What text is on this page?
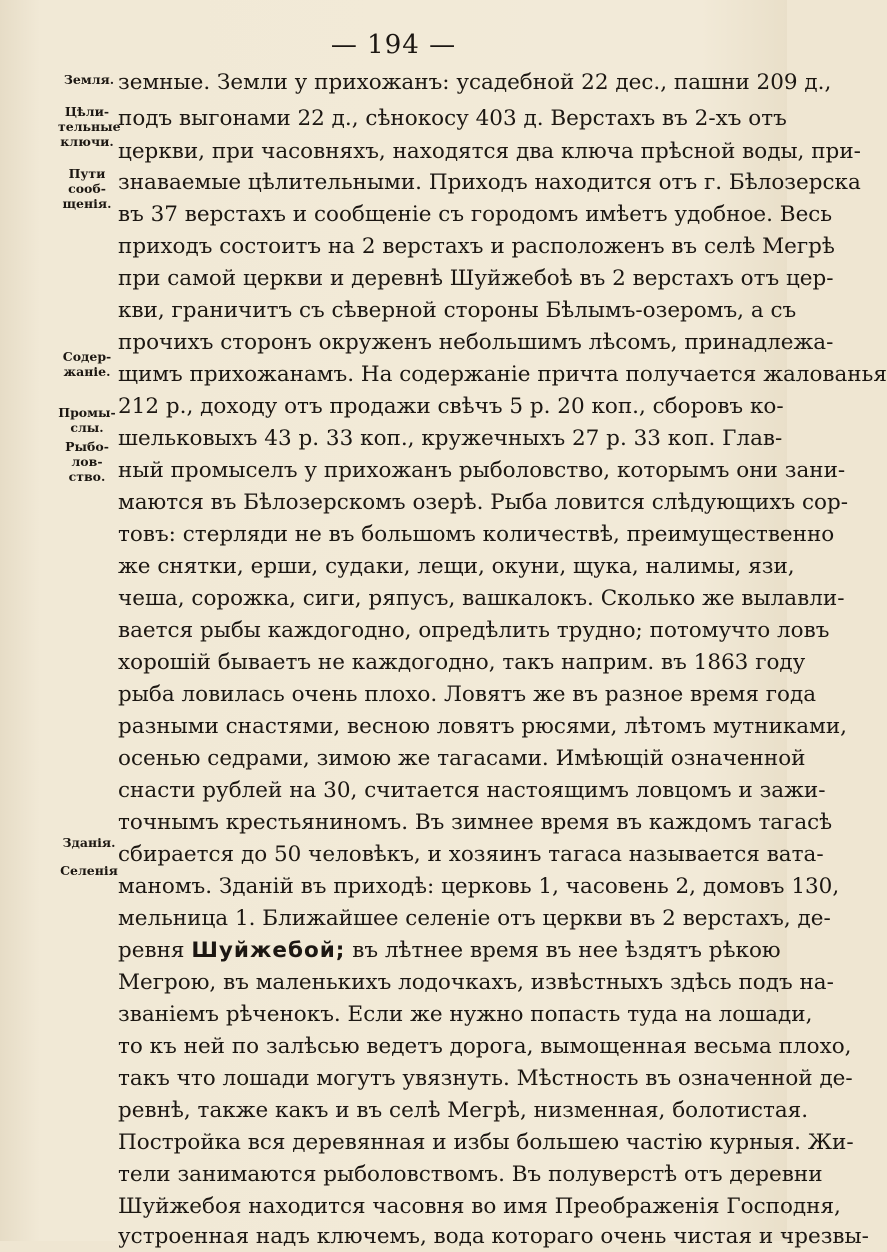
— 194 —
Земля.
Цѣли-тельные ключи.
Пути сооб-щенія.
Содер-жаніе.
Промы-слы.
Рыбо-лов-ство.
Зданія.
Селенія
земные. Земли у прихожанъ: усадебной 22 дес., пашни 209 д.,
подъ выгонами 22 д., сѣнокосу 403 д. Верстахъ въ 2-хъ отъ
церкви, при часовняхъ, находятся два ключа прѣсной воды, при-
знаваемые цѣлительными. Приходъ находится отъ г. Бѣлозерска
въ 37 верстахъ и сообщеніе съ городомъ имѣетъ удобное. Весь
приходъ состоитъ на 2 верстахъ и расположенъ въ селѣ Мегрѣ
при самой церкви и деревнѣ Шуйжебоѣ въ 2 верстахъ отъ цер-
кви, граничитъ съ сѣверной стороны Бѣлымъ-озеромъ, а съ
прочихъ сторонъ окруженъ небольшимъ лѣсомъ, принадлежа-
щимъ прихожанамъ. На содержаніе причта получается жалованья
212 р., доходу отъ продажи свѣчъ 5 р. 20 коп., сборовъ ко-
шельковыхъ 43 р. 33 коп., кружечныхъ 27 р. 33 коп. Глав-
ный промыселъ у прихожанъ рыболовство, которымъ они зани-
маются въ Бѣлозерскомъ озерѣ. Рыба ловится слѣдующихъ сор-
товъ: стерляди не въ большомъ количествѣ, преимущественно
же снятки, ерши, судаки, лещи, окуни, щука, налимы, язи,
чеша, сорожка, сиги, ряпусъ, вашкалокъ. Сколько же вылавли-
вается рыбы каждогодно, опредѣлить трудно; потомучто ловъ
хорошій бываетъ не каждогодно, такъ наприм. въ 1863 году
рыба ловилась очень плохо. Ловятъ же въ разное время года
разными снастями, весною ловятъ рюсями, лѣтомъ мутниками,
осенью седрами, зимою же тагасами. Имѣющій означенной
снасти рублей на 30, считается настоящимъ ловцомъ и зажи-
точнымъ крестьяниномъ. Въ зимнее время въ каждомъ тагасѣ
сбирается до 50 человѣкъ, и хозяинъ тагаса называется вата-
маномъ. Зданій въ приходѣ: церковь 1, часовень 2, домовъ 130,
мельница 1. Ближайшее селеніе отъ церкви въ 2 верстахъ, де-
ревня Шуйжебой; въ лѣтнее время въ нее ѣздятъ рѣкою
Мегрою, въ маленькихъ лодочкахъ, извѣстныхъ здѣсь подъ на-
званіемъ рѣченокъ. Если же нужно попасть туда на лошади,
то къ ней по залѣсью ведетъ дорога, вымощенная весьма плохо,
такъ что лошади могутъ увязнуть. Мѣстность въ означенной де-
ревнѣ, также какъ и въ селѣ Мегрѣ, низменная, болотистая.
Постройка вся деревянная и избы большею частію курныя. Жи-
тели занимаются рыболовствомъ. Въ полуверстѣ отъ деревни
Шуйжебоя находится часовня во имя Преображенія Господня,
устроенная надъ ключемъ, вода котораго очень чистая и чрезвы-
